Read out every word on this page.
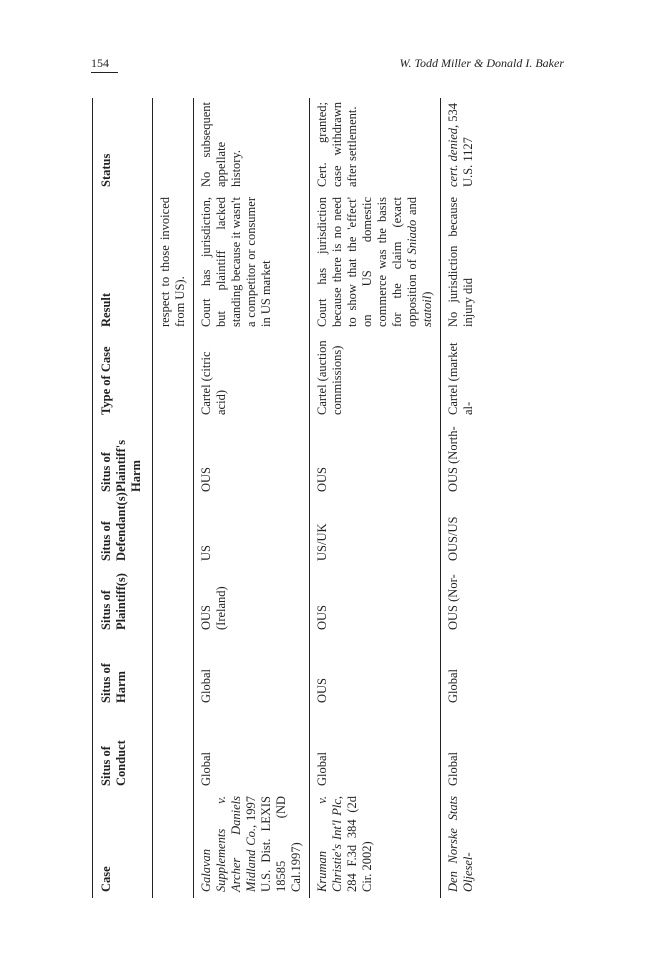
154	W. Todd Miller & Donald I. Baker
Case	Situs of Conduct	Situs of Harm	Situs of Plaintiff(s)	Situs of Defendant(s)	Situs of Plaintiff's Harm	Type of Case	Result	Status
							respect to those invoiced from US).	
Galavan Supplements v. Archer Daniels Midland Co., 1997 U.S. Dist. LEXIS 18585 (ND Cal.1997)	Global	Global	OUS (Ireland)	US	OUS	Cartel (citric acid)	Court has jurisdiction, but plaintiff lacked standing because it wasn't a competitor or consumer in US market	No subsequent appellate history.
Kruman v. Christie's Int'l Plc, 284 F.3d 384 (2d Cir. 2002)	Global	OUS	OUS	US/UK	OUS	Cartel (auction commissions)	Court has jurisdiction because there is no need to show that the 'effect' on US domestic commerce was the basis for the claim (exact opposition of Sniado and statoil)	Cert. granted; case withdrawn after settlement.
Den Norske Stats Oljesel-	Global	Global	OUS (Nor-	OUS/US	OUS (North-	Cartel (market al-	No jurisdiction because injury did	cert. denied, 534 U.S. 1127
